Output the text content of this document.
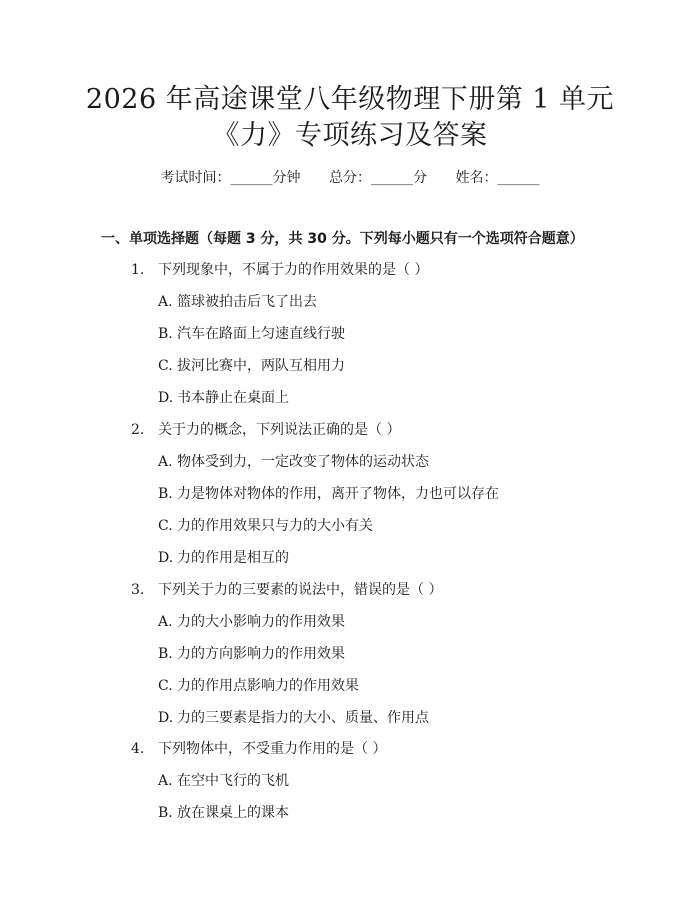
2026 年高途课堂八年级物理下册第 1 单元
《力》专项练习及答案
考试时间：______分钟 总分：______分 姓名：______
一、单项选择题（每题 3 分，共 30 分。下列每小题只有一个选项符合题意）
1. 下列现象中，不属于力的作用效果的是（ ）
A. 篮球被拍击后飞了出去
B. 汽车在路面上匀速直线行驶
C. 拔河比赛中，两队互相用力
D. 书本静止在桌面上
2. 关于力的概念，下列说法正确的是（ ）
A. 物体受到力，一定改变了物体的运动状态
B. 力是物体对物体的作用，离开了物体，力也可以存在
C. 力的作用效果只与力的大小有关
D. 力的作用是相互的
3. 下列关于力的三要素的说法中，错误的是（ ）
A. 力的大小影响力的作用效果
B. 力的方向影响力的作用效果
C. 力的作用点影响力的作用效果
D. 力的三要素是指力的大小、质量、作用点
4. 下列物体中，不受重力作用的是（ ）
A. 在空中飞行的飞机
B. 放在课桌上的课本
